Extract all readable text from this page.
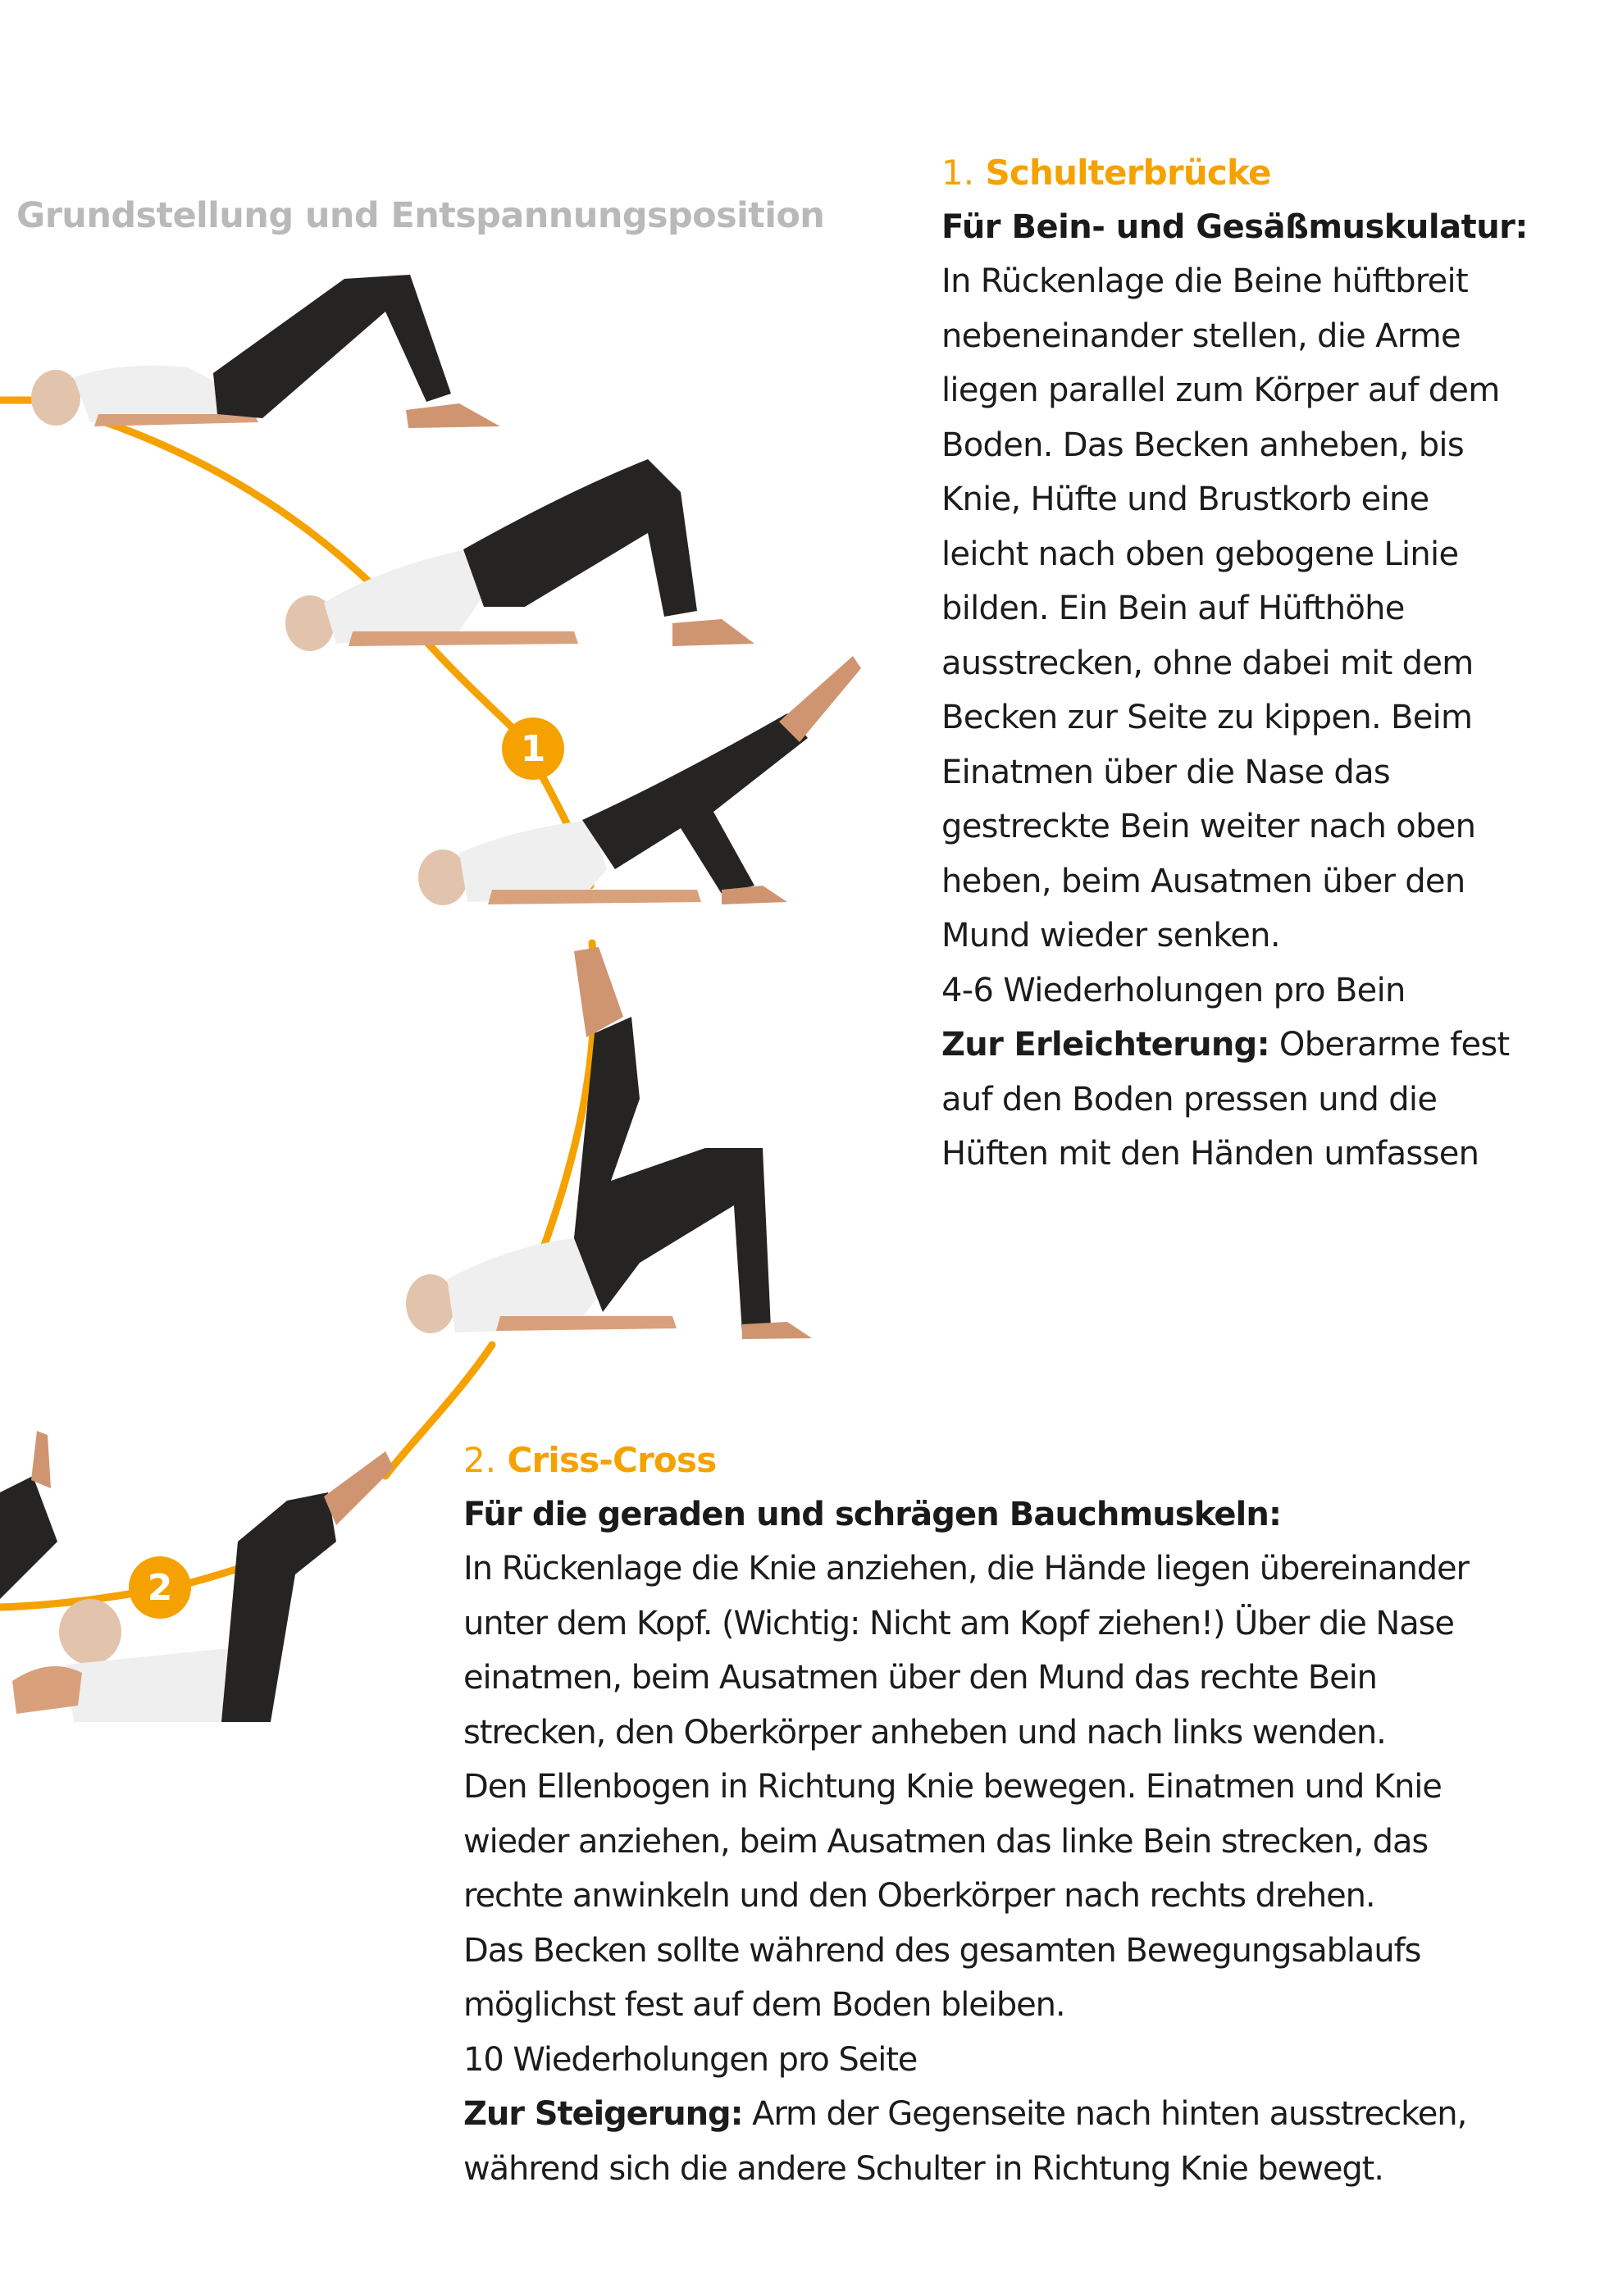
1
2
Grundstellung und Entspannungsposition
1. Schulterbrücke
Für Bein- und Gesäßmuskulatur:
In Rückenlage die Beine hüftbreit
nebeneinander stellen, die Arme
liegen parallel zum Körper auf dem
Boden. Das Becken anheben, bis
Knie, Hüfte und Brustkorb eine
leicht nach oben gebogene Linie
bilden. Ein Bein auf Hüfthöhe
ausstrecken, ohne dabei mit dem
Becken zur Seite zu kippen. Beim
Einatmen über die Nase das
gestreckte Bein weiter nach oben
heben, beim Ausatmen über den
Mund wieder senken.
4-6 Wiederholungen pro Bein
Zur Erleichterung: Oberarme fest
auf den Boden pressen und die
Hüften mit den Händen umfassen
2. Criss-Cross
Für die geraden und schrägen Bauchmuskeln:
In Rückenlage die Knie anziehen, die Hände liegen übereinander
unter dem Kopf. (Wichtig: Nicht am Kopf ziehen!) Über die Nase
einatmen, beim Ausatmen über den Mund das rechte Bein
strecken, den Oberkörper anheben und nach links wenden.
Den Ellenbogen in Richtung Knie bewegen. Einatmen und Knie
wieder anziehen, beim Ausatmen das linke Bein strecken, das
rechte anwinkeln und den Oberkörper nach rechts drehen.
Das Becken sollte während des gesamten Bewegungsablaufs
möglichst fest auf dem Boden bleiben.
10 Wiederholungen pro Seite
Zur Steigerung: Arm der Gegenseite nach hinten ausstrecken,
während sich die andere Schulter in Richtung Knie bewegt.
